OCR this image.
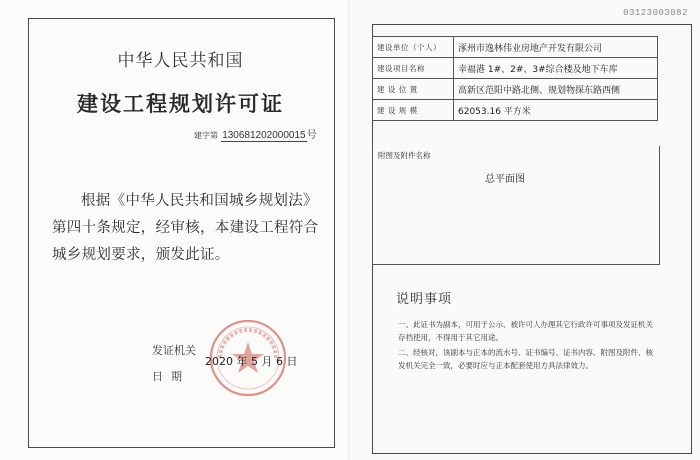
中华人民共和国
建设工程规划许可证
建字第 130681202000015号
根据《中华人民共和国城乡规划法》第四十条规定，经审核，本建设工程符合城乡规划要求，颁发此证。
发证机关
2020 年 5 月 6 日
日期
03123003082
建设单位（个人）	涿州市逸林伟业房地产开发有限公司
建设项目名称	幸福港 1#、2#、3#综合楼及地下车库
建 设 位 置	高新区范阳中路北侧、规划物探东路西侧
建 设 规 模	62053.16 平方米
附图及附件名称
总平面图
说明事项
一、此证书为副本，可用于公示、被许可人办理其它行政许可事项及发证机关存档使用，不得用于其它用途。
二、经核对，该副本与正本的流水号、证书编号、证书内容、附图及附件、核发机关完全一致，必要时应与正本配套使用方具法律效力。
